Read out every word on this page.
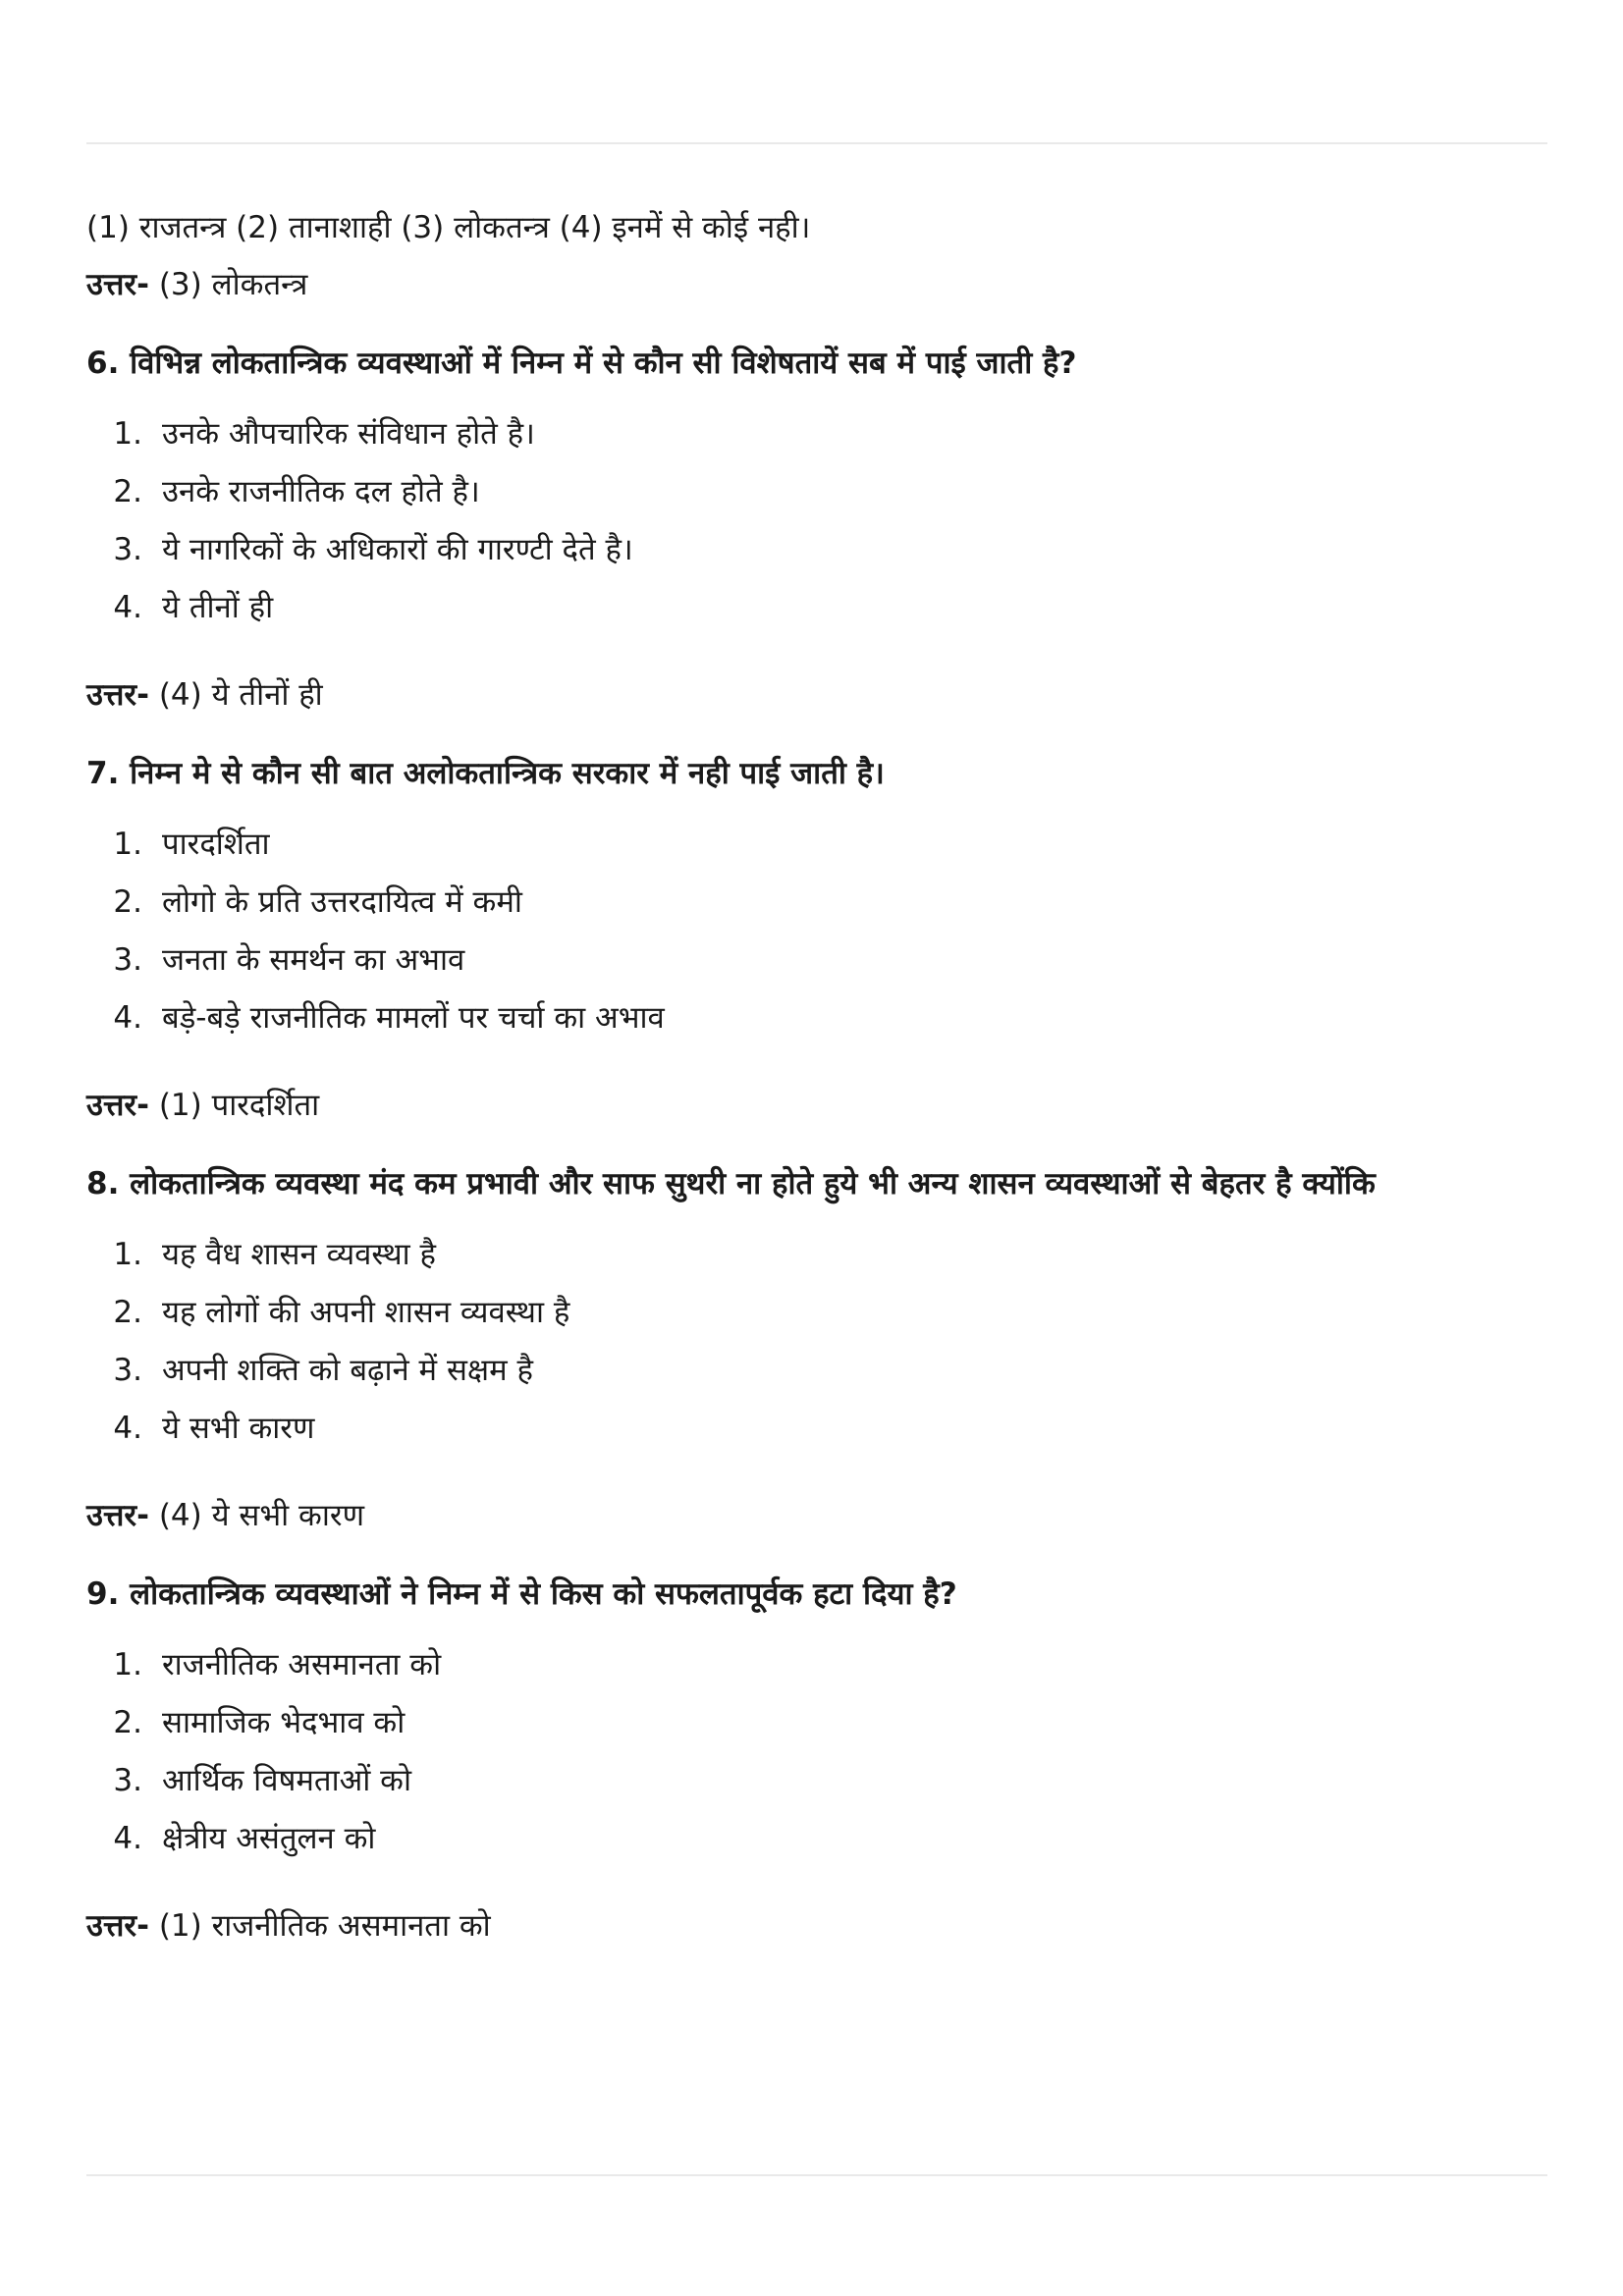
(1) राजतन्त्र (2) तानाशाही (3) लोकतन्त्र (4) इनमें से कोई नही।
उत्तर- (3) लोकतन्त्र
6. विभिन्न लोकतान्त्रिक व्यवस्थाओं में निम्न में से कौन सी विशेषतायें सब में पाई जाती है?
1. उनके औपचारिक संविधान होते है।
2. उनके राजनीतिक दल होते है।
3. ये नागरिकों के अधिकारों की गारण्टी देते है।
4. ये तीनों ही
उत्तर- (4) ये तीनों ही
7. निम्न मे से कौन सी बात अलोकतान्त्रिक सरकार में नही पाई जाती है।
1. पारदर्शिता
2. लोगो के प्रति उत्तरदायित्व में कमी
3. जनता के समर्थन का अभाव
4. बड़े-बड़े राजनीतिक मामलों पर चर्चा का अभाव
उत्तर- (1) पारदर्शिता
8. लोकतान्त्रिक व्यवस्था मंद कम प्रभावी और साफ सुथरी ना होते हुये भी अन्य शासन व्यवस्थाओं से बेहतर है क्योंकि
1. यह वैध शासन व्यवस्था है
2. यह लोगों की अपनी शासन व्यवस्था है
3. अपनी शक्ति को बढ़ाने में सक्षम है
4. ये सभी कारण
उत्तर- (4) ये सभी कारण
9. लोकतान्त्रिक व्यवस्थाओं ने निम्न में से किस को सफलतापूर्वक हटा दिया है?
1. राजनीतिक असमानता को
2. सामाजिक भेदभाव को
3. आर्थिक विषमताओं को
4. क्षेत्रीय असंतुलन को
उत्तर- (1) राजनीतिक असमानता को
